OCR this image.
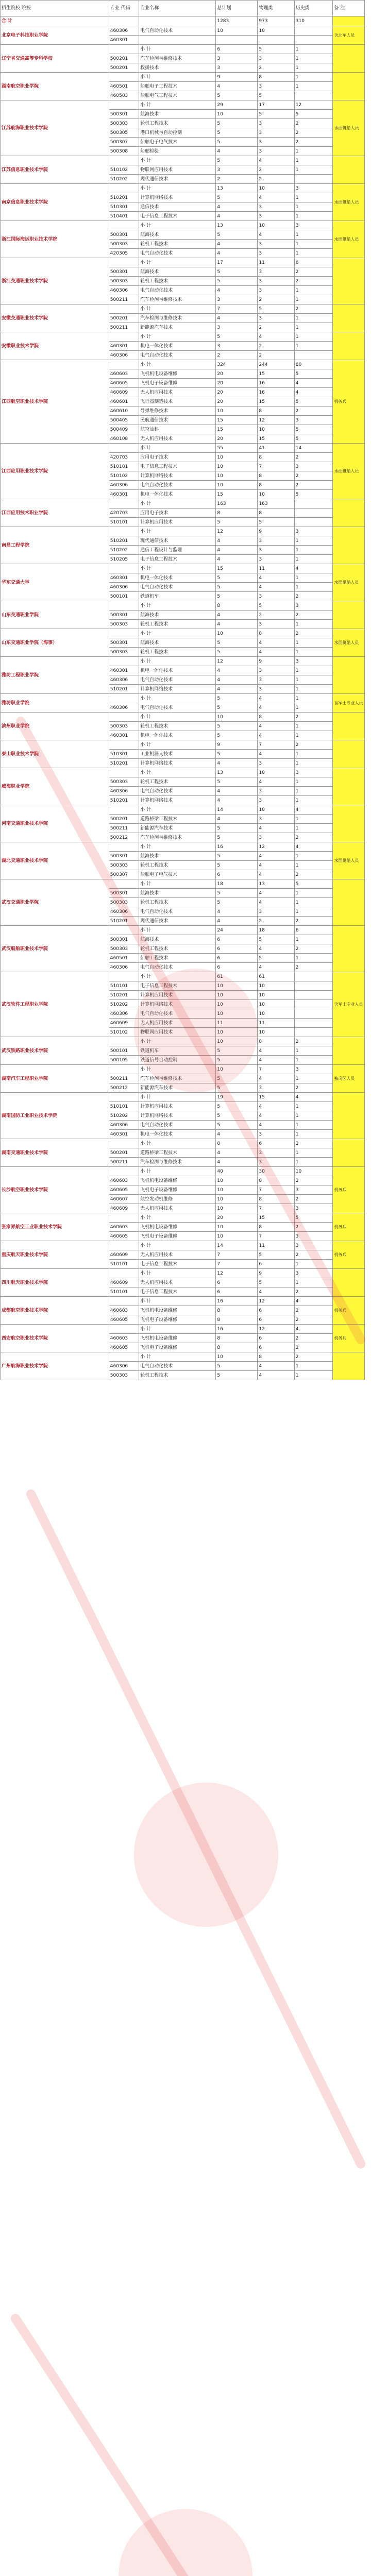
招生院校 院校	专业 代码	专业名称	总计划	物理类	历史类	备 注
合 计			1283	973	310	
北京电子科技职业学院	460306	电气自动化技术	10	10		含北军人员
	460301					
辽宁省交通高等专科学校		小 计	6	5	1	
	500201	汽车检测与维修技术	3	3	1	
	500201	救援技术	3	2	1	
湖南航空职业学院		小 计	9	8	1	
	460501	船舶电子工程技术	4	3	1	
	460503	船舶电气工程技术	5	5		
江苏航海职业技术学院		小 计	29	17	12	水面艇船人员
	500301	航海技术	10	5	5	
	500303	轮机工程技术	5	3	2	
	500305	港口机械与自动控制	5	3	2	
	500307	船舶电子电气技术	5	3	2	
	500308	船舶检验	4	3	1	
江苏信息职业技术学院		小 计	5	4	1	
	510102	物联网应用技术	3	2	1	
	510202	现代通信技术	2	2		
南京信息职业技术学院		小 计	13	10	3	水面艇船人员
	510201	计算机网络技术	5	4	1	
	510301	通信技术	4	3	1	
	510401	电子信息工程技术	4	3	1	
浙江国际海运职业技术学院		小 计	13	10	3	水面艇船人员
	500301	航海技术	5	4	1	
	500303	轮机工程技术	4	3	1	
	420305	电气自动化技术	4	3	1	
浙江交通职业技术学院		小 计	17	11	6	
	500301	航海技术	5	3	2	
	500303	轮机工程技术	5	3	2	
	460306	电气自动化技术	4	3	1	
	500211	汽车检测与维修技术	3	2	1	
安徽交通职业技术学院		小 计	7	5	2	
	500201	汽车检测与维修技术	4	3	1	
	500211	新能源汽车技术	3	2	1	
安徽职业技术学院		小 计	5	4	1	
	460301	机电一体化技术	3	2	1	
	460306	电气自动化技术	2	2		
江西航空职业技术学院		小 计	324	244	80	机务兵
	460603	飞机机电设备维修	20	15	5	
	460605	飞机电子设备维修	20	16	4	
	460609	无人机应用技术	20	16	4	
	460601	飞行器制造技术	20	15	5	
	460610	导弹维修技术	10	8	2	
	500405	民航通信技术	15	12	3	
	500409	航空油料	15	10	5	
	460108	无人机应用技术	20	15	5	
江西应用职业技术学院		小 计	55	41	14	水面艇船人员
	420703	应用电子技术	10	8	2	
	510101	电子信息工程技术	10	7	3	
	510102	计算机网络技术	10	8	2	
	460306	电气自动化技术	10	8	2	
	460301	机电一体化技术	15	10	5	
江西应用技术职业学院		小 计	163	163		
	420703	应用电子技术	8	8		
	510101	计算机应用技术	5	5		
南昌工程学院		小 计	12	9	3	
	510201	现代通信技术	4	3	1	
	510202	通信工程设计与监理	4	3	1	
	510205	电子信息工程技术	4	3	1	
华东交通大学		小 计	15	11	4	水面艇船人员
	460301	机电一体化技术	5	4	1	
	460306	电气自动化技术	5	4	1	
	500101	铁道机车	5	3	2	
山东交通职业学院		小 计	8	5	3	
	500301	航海技术	4	2	2	
	500303	轮机工程技术	4	3	1	
山东交通职业学院（海事）		小 计	10	8	2	水面艇船人员
	500301	航海技术	5	4	1	
	500303	轮机工程技术	5	4	1	
潍坊工程职业学院		小 计	12	9	3	
	460301	机电一体化技术	4	3	1	
	460306	电气自动化技术	4	3	1	
	510201	计算机网络技术	4	3	1	
潍坊职业学院		小 计	5	4	1	含军士专业人员
	460306	电气自动化技术	5	4	1	
滨州职业学院		小 计	10	8	2	
	500303	轮机工程技术	5	4	1	
	460301	机电一体化技术	5	4	1	
泰山职业技术学院		小 计	9	7	2	
	510301	工业机器人技术	5	4	1	
	510201	计算机网络技术	4	3	1	
威海职业学院		小 计	13	10	3	
	500303	轮机工程技术	5	4	1	
	460306	电气自动化技术	4	3	1	
	510201	计算机网络技术	4	3	1	
河南交通职业技术学院		小 计	14	10	4	
	500201	道路桥梁工程技术	4	3	1	
	500211	新能源汽车技术	5	4	1	
	500212	汽车检测与维修技术	5	3	2	
湖北交通职业技术学院		小 计	16	12	4	水面艇船人员
	500301	航海技术	5	4	1	
	500303	轮机工程技术	5	4	1	
	500307	船舶电子电气技术	6	4	2	
武汉交通职业学院		小 计	18	13	5	
	500301	航海技术	5	4	1	
	500303	轮机工程技术	5	4	1	
	460306	电气自动化技术	4	3	1	
	510201	现代通信技术	4	2	2	
武汉船舶职业技术学院		小 计	24	18	6	
	500301	航海技术	6	5	1	
	500303	轮机工程技术	6	4	2	
	460501	船舶工程技术	6	5	1	
	460306	电气自动化技术	6	4	2	
武汉软件工程职业学院		小 计	61	61		含军士专业人员
	510101	电子信息工程技术	10	10		
	510201	计算机应用技术	10	10		
	510202	计算机网络技术	10	10		
	460306	电气自动化技术	10	10		
	460609	无人机应用技术	11	11		
	510102	物联网应用技术	10	10		
武汉铁路职业技术学院		小 计	10	8	2	
	500101	铁道机车	5	4	1	
	500105	铁道信号自动控制	5	4	1	
湖南汽车工程职业学院		小 计	10	7	3	独岗区人员
	500211	汽车检测与维修技术	5	4	1	
	500212	新能源汽车技术	5	3	2	
湖南国防工业职业技术学院		小 计	19	15	4	
	510101	计算机应用技术	5	4	1	
	510202	计算机网络技术	5	4	1	
	460306	电气自动化技术	5	4	1	
	460301	机电一体化技术	4	3	1	
湖南交通职业技术学院		小 计	8	6	2	
	500201	道路桥梁工程技术	4	3	1	
	500211	汽车检测与维修技术	4	3	1	
长沙航空职业技术学院		小 计	40	30	10	机务兵
	460603	飞机机电设备维修	10	8	2	
	460605	飞机电子设备维修	10	7	3	
	460607	航空发动机维修	10	8	2	
	460609	无人机应用技术	10	7	3	
张家界航空工业职业技术学院		小 计	20	15	5	机务兵
	460603	飞机机电设备维修	10	8	2	
	460605	飞机电子设备维修	10	7	3	
重庆航天职业技术学院		小 计	14	11	3	机务兵
	460609	无人机应用技术	7	5	2	
	510101	电子信息工程技术	7	6	1	
四川航天职业技术学院		小 计	12	9	3	
	460609	无人机应用技术	6	5	1	
	510101	电子信息工程技术	6	4	2	
成都航空职业技术学院		小 计	16	12	4	机务兵
	460603	飞机机电设备维修	8	6	2	
	460605	飞机电子设备维修	8	6	2	
西安航空职业技术学院		小 计	16	12	4	机务兵
	460603	飞机机电设备维修	8	6	2	
	460605	飞机电子设备维修	8	6	2	
广州航海职业技术学院		小 计	10	8	2	
	460306	电气自动化技术	5	4	1	
	500303	轮机工程技术	5	4	1	
